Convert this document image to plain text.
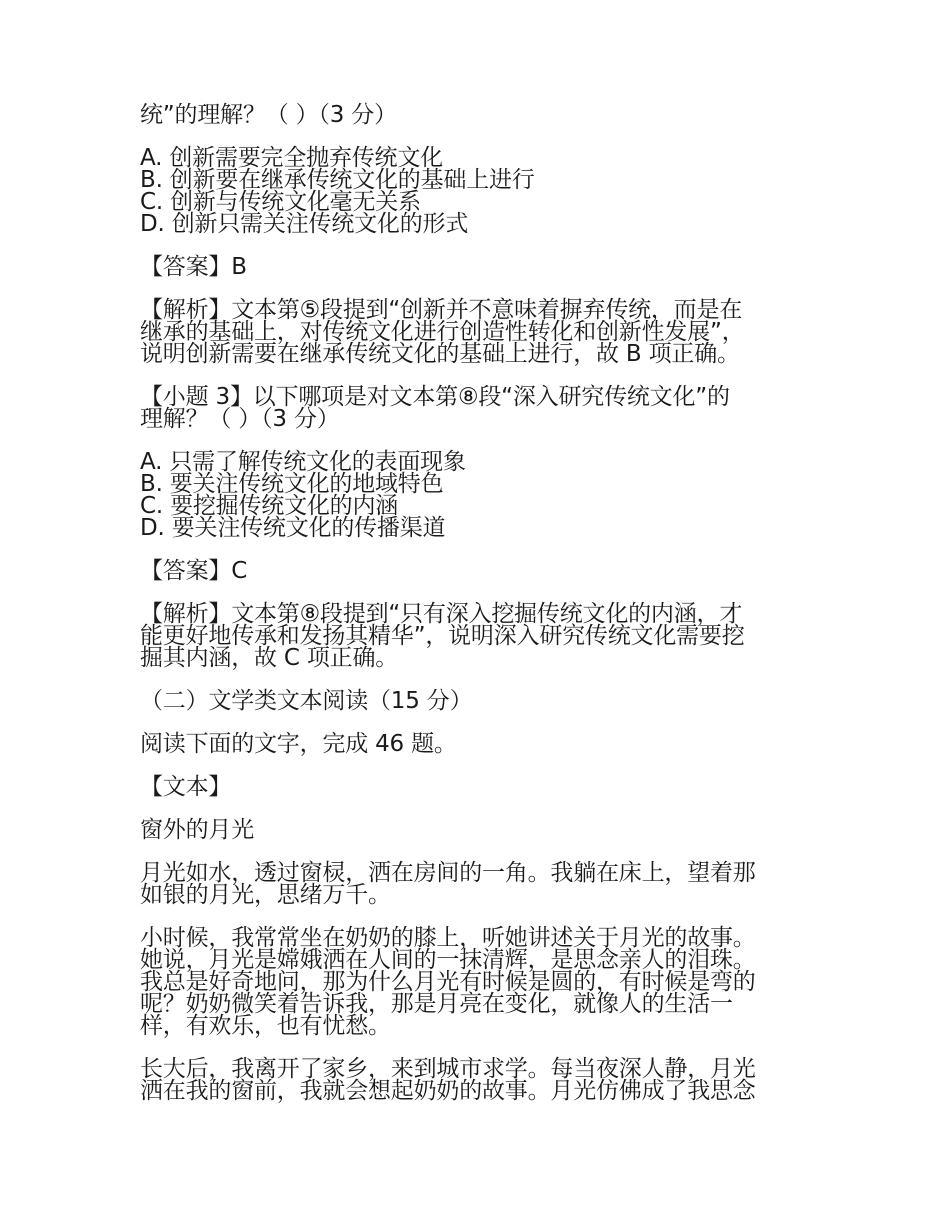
统”的理解？（ ）（3 分）

A. 创新需要完全抛弃传统文化
B. 创新要在继承传统文化的基础上进行
C. 创新与传统文化毫无关系
D. 创新只需关注传统文化的形式

【答案】B

【解析】文本第⑤段提到“创新并不意味着摒弃传统，而是在
继承的基础上，对传统文化进行创造性转化和创新性发展”，
说明创新需要在继承传统文化的基础上进行，故 B 项正确。

【小题 3】以下哪项是对文本第⑧段“深入研究传统文化”的
理解？（ ）（3 分）

A. 只需了解传统文化的表面现象
B. 要关注传统文化的地域特色
C. 要挖掘传统文化的内涵
D. 要关注传统文化的传播渠道

【答案】C

【解析】文本第⑧段提到“只有深入挖掘传统文化的内涵，才
能更好地传承和发扬其精华”，说明深入研究传统文化需要挖
掘其内涵，故 C 项正确。

（二）文学类文本阅读（15 分）

阅读下面的文字，完成 46 题。

【文本】

窗外的月光

月光如水，透过窗棂，洒在房间的一角。我躺在床上，望着那
如银的月光，思绪万千。

小时候，我常常坐在奶奶的膝上，听她讲述关于月光的故事。
她说，月光是嫦娥洒在人间的一抹清辉，是思念亲人的泪珠。
我总是好奇地问，那为什么月光有时候是圆的，有时候是弯的
呢？奶奶微笑着告诉我，那是月亮在变化，就像人的生活一
样，有欢乐，也有忧愁。

长大后，我离开了家乡，来到城市求学。每当夜深人静，月光
洒在我的窗前，我就会想起奶奶的故事。月光仿佛成了我思念
